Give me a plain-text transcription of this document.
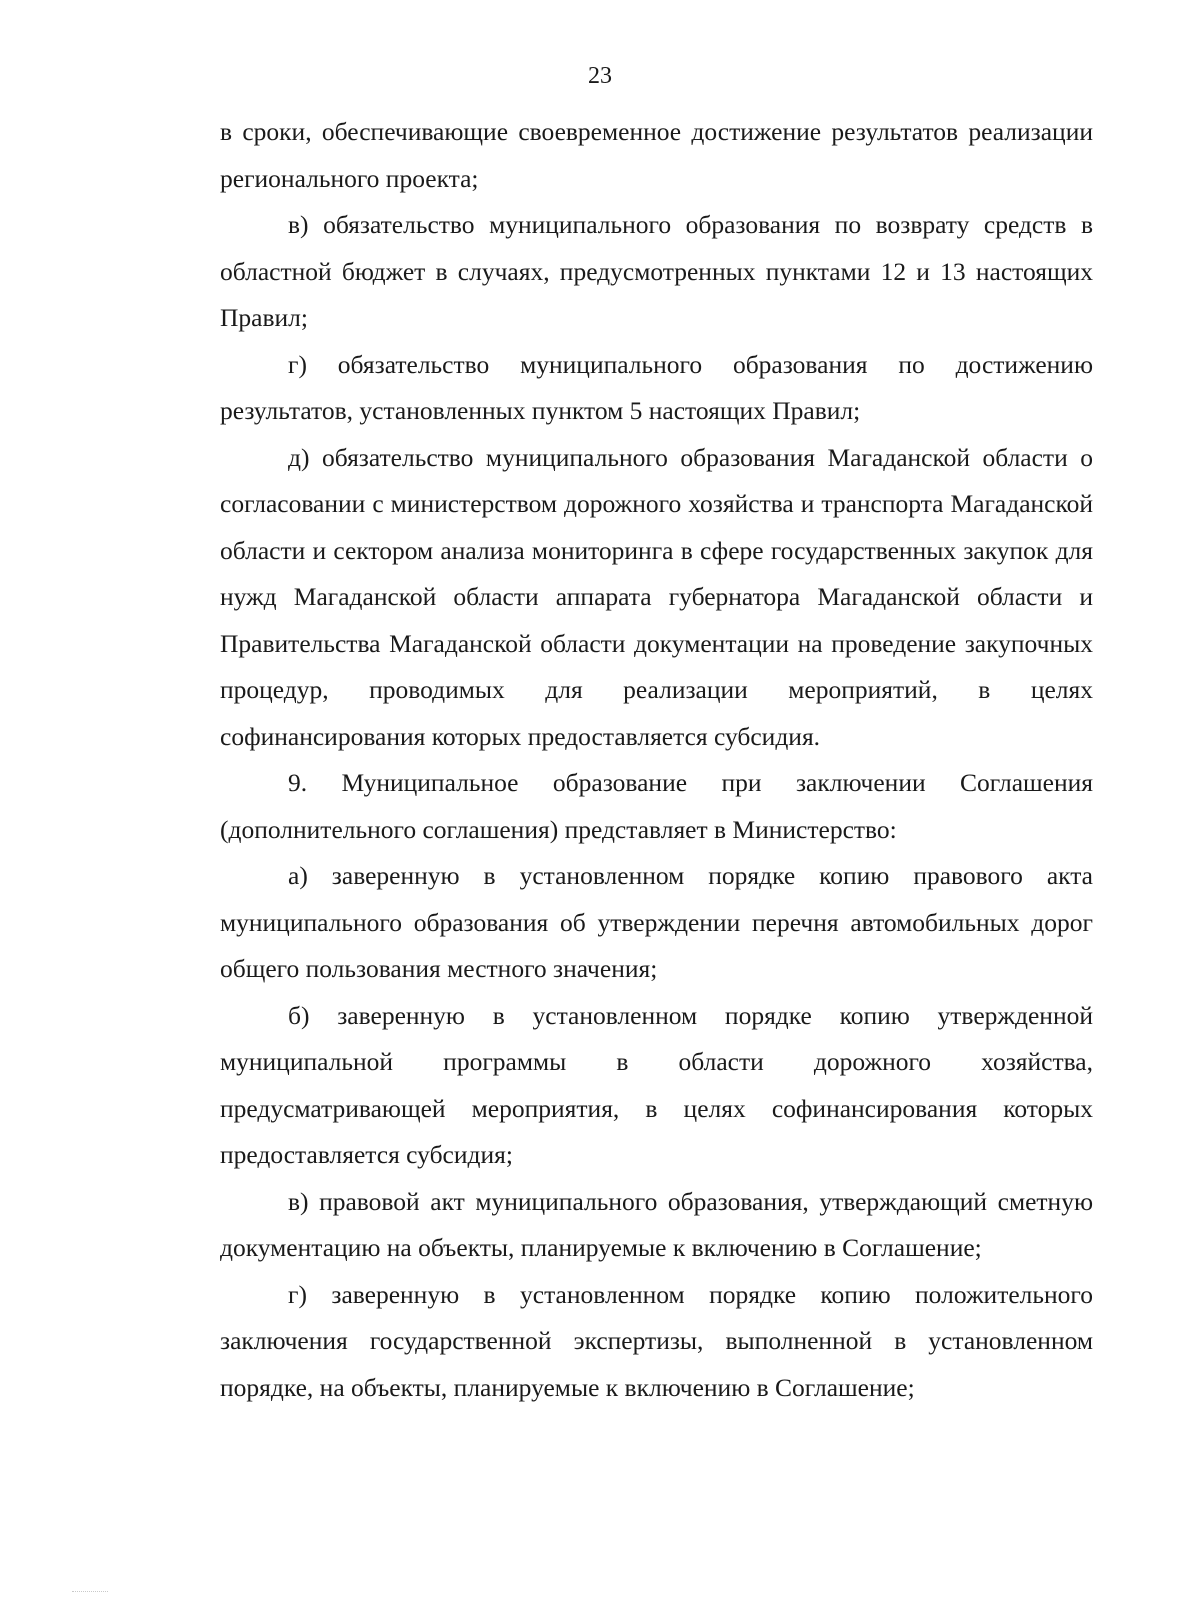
23

в сроки, обеспечивающие своевременное достижение результатов реализации регионального проекта;

в) обязательство муниципального образования по возврату средств в областной бюджет в случаях, предусмотренных пунктами 12 и 13 настоящих Правил;

г) обязательство муниципального образования по достижению результатов, установленных пунктом 5 настоящих Правил;

д) обязательство муниципального образования Магаданской области о согласовании с министерством дорожного хозяйства и транспорта Магаданской области и сектором анализа мониторинга в сфере государственных закупок для нужд Магаданской области аппарата губернатора Магаданской области и Правительства Магаданской области документации на проведение закупочных процедур, проводимых для реализации мероприятий, в целях софинансирования которых предоставляется субсидия.

9. Муниципальное образование при заключении Соглашения (дополнительного соглашения) представляет в Министерство:

а) заверенную в установленном порядке копию правового акта муниципального образования об утверждении перечня автомобильных дорог общего пользования местного значения;

б) заверенную в установленном порядке копию утвержденной муниципальной программы в области дорожного хозяйства, предусматривающей мероприятия, в целях софинансирования которых предоставляется субсидия;

в) правовой акт муниципального образования, утверждающий сметную документацию на объекты, планируемые к включению в Соглашение;

г) заверенную в установленном порядке копию положительного заключения государственной экспертизы, выполненной в установленном порядке, на объекты, планируемые к включению в Соглашение;
